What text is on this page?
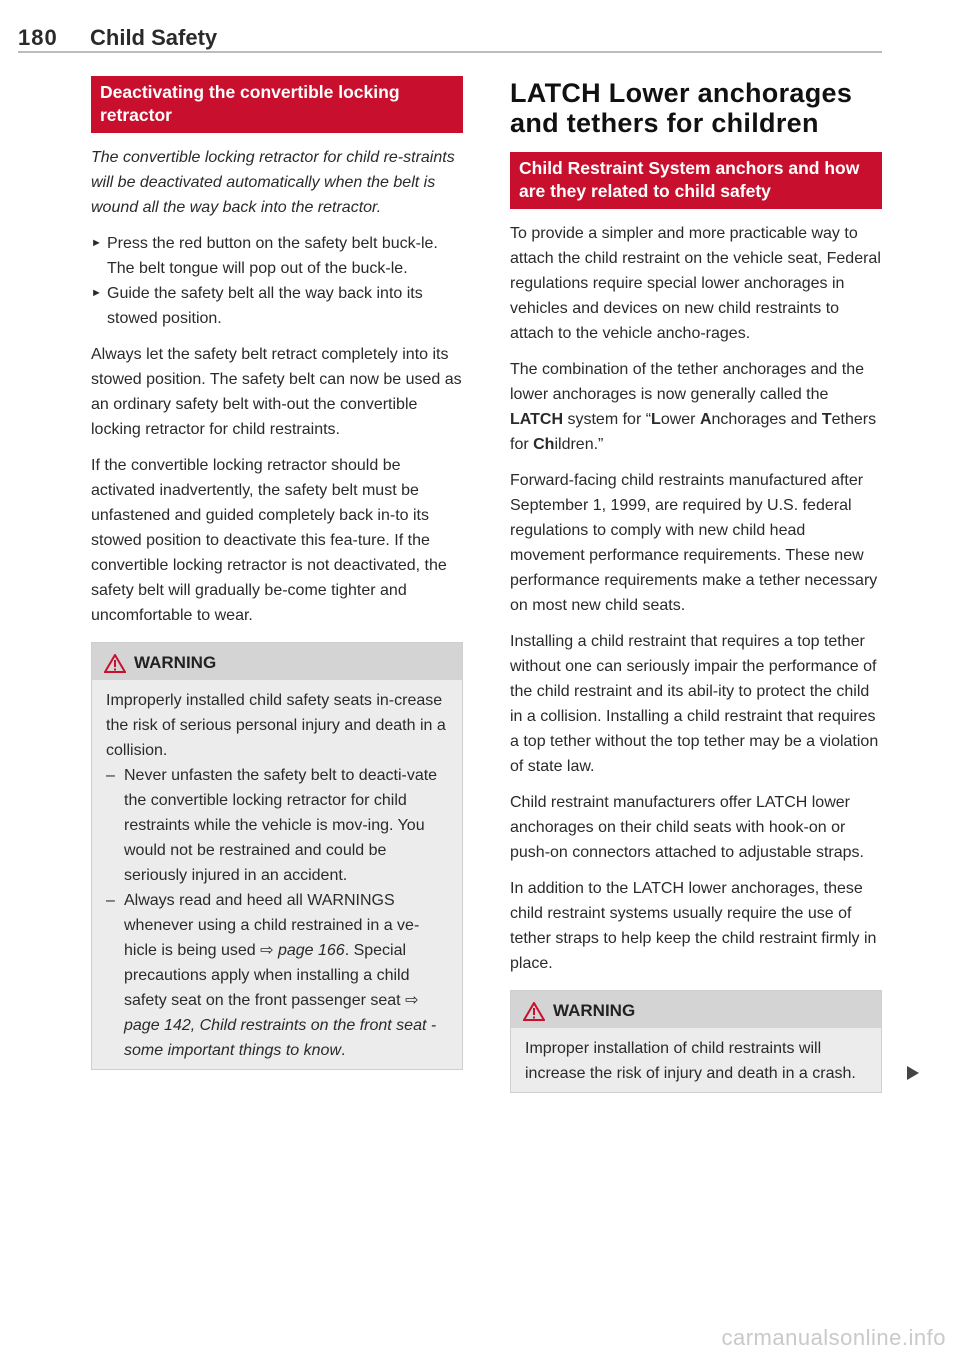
180 Child Safety
Deactivating the convertible locking retractor

The convertible locking retractor for child re-straints will be deactivated automatically when the belt is wound all the way back into the retractor.

► Press the red button on the safety belt buck-le. The belt tongue will pop out of the buck-le.

► Guide the safety belt all the way back into its stowed position.

Always let the safety belt retract completely into its stowed position. The safety belt can now be used as an ordinary safety belt with-out the convertible locking retractor for child restraints.

If the convertible locking retractor should be activated inadvertently, the safety belt must be unfastened and guided completely back in-to its stowed position to deactivate this fea-ture. If the convertible locking retractor is not deactivated, the safety belt will gradually be-come tighter and uncomfortable to wear.

WARNING

Improperly installed child safety seats in-crease the risk of serious personal injury and death in a collision.

– Never unfasten the safety belt to deacti-vate the convertible locking retractor for child restraints while the vehicle is mov-ing. You would not be restrained and could be seriously injured in an accident.

– Always read and heed all WARNINGS whenever using a child restrained in a ve-hicle is being used ⇨ page 166. Special precautions apply when installing a child safety seat on the front passenger seat ⇨ page 142, Child restraints on the front seat - some important things to know.

LATCH Lower anchorages and tethers for children
Child Restraint System anchors and how are they related to child safety

To provide a simpler and more practicable way to attach the child restraint on the vehicle seat, Federal regulations require special lower anchorages in vehicles and devices on new child restraints to attach to the vehicle ancho-rages.

The combination of the tether anchorages and the lower anchorages is now generally called the LATCH system for “Lower Anchorages and Tethers for Children.”

Forward-facing child restraints manufactured after September 1, 1999, are required by U.S. federal regulations to comply with new child head movement performance requirements. These new performance requirements make a tether necessary on most new child seats.

Installing a child restraint that requires a top tether without one can seriously impair the performance of the child restraint and its abil-ity to protect the child in a collision. Installing a child restraint that requires a top tether without the top tether may be a violation of state law.

Child restraint manufacturers offer LATCH lower anchorages on their child seats with hook-on or push-on connectors attached to adjustable straps.

In addition to the LATCH lower anchorages, these child restraint systems usually require the use of tether straps to help keep the child restraint firmly in place.

WARNING

Improper installation of child restraints will increase the risk of injury and death in a crash.

carmanualsonline.info
